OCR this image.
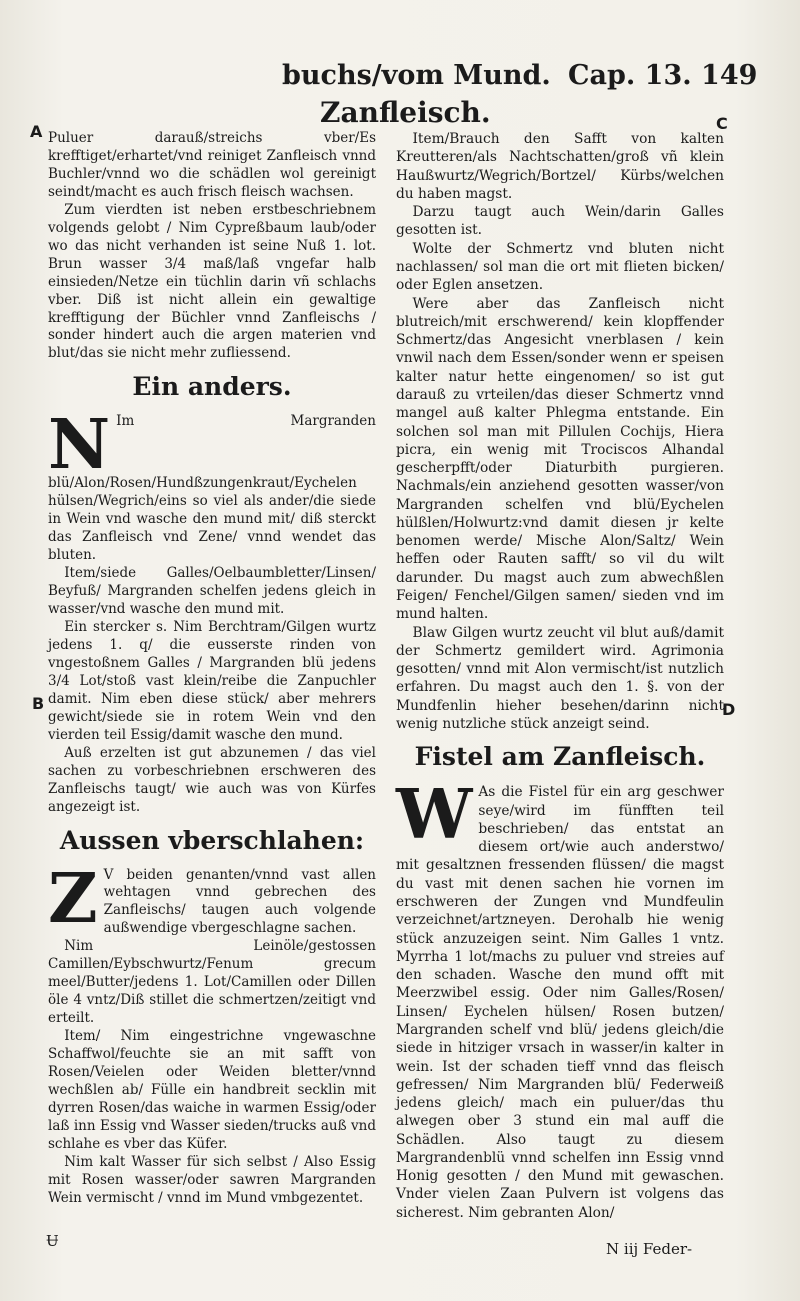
buchs/vom Mund. Cap. 13. 149
Zanfleisch.
A	C
B	D

Puluer darauß/streichs vber/Es krefftiget/erhartet/vnd reiniget Zanfleisch vnnd Buchler/vnnd wo die schädlen wol gereinigt seindt/macht es auch frisch fleisch wachsen.

Zum vierdten ist neben erstbeschriebnem volgends gelobt / Nim Cypreßbaum laub/oder wo das nicht verhanden ist seine Nuß 1. lot. Brun wasser 3/4 maß/laß vngefar halb einsieden/Netze ein tüchlin darin vñ schlachs vber. Diß ist nicht allein ein gewaltige krefftigung der Büchler vnnd Zanfleischs / sonder hindert auch die argen materien vnd blut/das sie nicht mehr zufliessend.

Ein anders.

N Im Margranden blü/Alon/Rosen/Hundßzungenkraut/Eychelen hülsen/Wegrich/eins so viel als ander/die siede in Wein vnd wasche den mund mit/ diß sterckt das Zanfleisch vnd Zene/ vnnd wendet das bluten.

Item/siede Galles/Oelbaumbletter/Linsen/ Beyfuß/ Margranden schelfen jedens gleich in wasser/vnd wasche den mund mit.

Ein stercker s. Nim Berchtram/Gilgen wurtz jedens 1. q/ die eusserste rinden von vngestoßnem Galles / Margranden blü jedens 3/4 Lot/stoß vast klein/reibe die Zanpuchler damit. Nim eben diese stück/ aber mehrers gewicht/siede sie in rotem Wein vnd den vierden teil Essig/damit wasche den mund.

Auß erzelten ist gut abzunemen / das viel sachen zu vorbeschriebnen erschweren des Zanfleischs taugt/ wie auch was von Kürfes angezeigt ist.

Aussen vberschlahen:

Z V beiden genanten/vnnd vast allen wehtagen vnnd gebrechen des Zanfleischs/ taugen auch volgende außwendige vbergeschlagne sachen.

Nim Leinöle/gestossen Camillen/Eybschwurtz/Fenum grecum meel/Butter/jedens 1. Lot/Camillen oder Dillen öle 4 vntz/Diß stillet die schmertzen/zeitigt vnd erteilt.

Item/ Nim eingestrichne vngewaschne Schaffwol/feuchte sie an mit safft von Rosen/Veielen oder Weiden bletter/vnnd wechßlen ab/ Fülle ein handbreit secklin mit dyrren Rosen/das waiche in warmen Essig/oder laß inn Essig vnd Wasser sieden/trucks auß vnd schlahe es vber das Küfer.

Nim kalt Wasser für sich selbst / Also Essig mit Rosen wasser/oder sawren Margranden Wein vermischt / vnnd im Mund vmbgezentet.

Item/Brauch den Safft von kalten Kreutteren/als Nachtschatten/groß vñ klein Haußwurtz/Wegrich/Bortzel/ Kürbs/welchen du haben magst.

Darzu taugt auch Wein/darin Galles gesotten ist.

Wolte der Schmertz vnd bluten nicht nachlassen/ sol man die ort mit flieten bicken/ oder Eglen ansetzen.

Were aber das Zanfleisch nicht blutreich/mit erschwerend/ kein klopffender Schmertz/das Angesicht vnerblasen / kein vnwil nach dem Essen/sonder wenn er speisen kalter natur hette eingenomen/ so ist gut darauß zu vrteilen/das dieser Schmertz vnnd mangel auß kalter Phlegma entstande. Ein solchen sol man mit Pillulen Cochijs, Hiera picra, ein wenig mit Trociscos Alhandal gescherpfft/oder Diaturbith purgieren. Nachmals/ein anziehend gesotten wasser/von Margranden schelfen vnd blü/Eychelen hülßlen/Holwurtz:vnd damit diesen jr kelte benomen werde/ Mische Alon/Saltz/ Wein heffen oder Rauten safft/ so vil du wilt darunder. Du magst auch zum abwechßlen Feigen/ Fenchel/Gilgen samen/ sieden vnd im mund halten.

Blaw Gilgen wurtz zeucht vil blut auß/damit der Schmertz gemildert wird. Agrimonia gesotten/ vnnd mit Alon vermischt/ist nutzlich erfahren. Du magst auch den 1. §. von der Mundfenlin hieher besehen/darinn nicht wenig nutzliche stück anzeigt seind.

Fistel am Zanfleisch.

W As die Fistel für ein arg geschwer seye/wird im fünfften teil beschrieben/ das entstat an diesem ort/wie auch anderstwo/ mit gesaltznen fressenden flüssen/ die magst du vast mit denen sachen hie vornen im erschweren der Zungen vnd Mundfeulin verzeichnet/artzneyen. Derohalb hie wenig stück anzuzeigen seint. Nim Galles 1 vntz. Myrrha 1 lot/machs zu puluer vnd streies auf den schaden. Wasche den mund offt mit Meerzwibel essig. Oder nim Galles/Rosen/ Linsen/ Eychelen hülsen/ Rosen butzen/ Margranden schelf vnd blü/ jedens gleich/die siede in hitziger vrsach in wasser/in kalter in wein. Ist der schaden tieff vnnd das fleisch gefressen/ Nim Margranden blü/ Federweiß jedens gleich/ mach ein puluer/das thu alwegen ober 3 stund ein mal auff die Schädlen. Also taugt zu diesem Margrandenblü vnnd schelfen inn Essig vnnd Honig gesotten / den Mund mit gewaschen. Vnder vielen Zaan Pulvern ist volgens das sicherest. Nim gebranten Alon/

Ʉ	N iij Feder-
